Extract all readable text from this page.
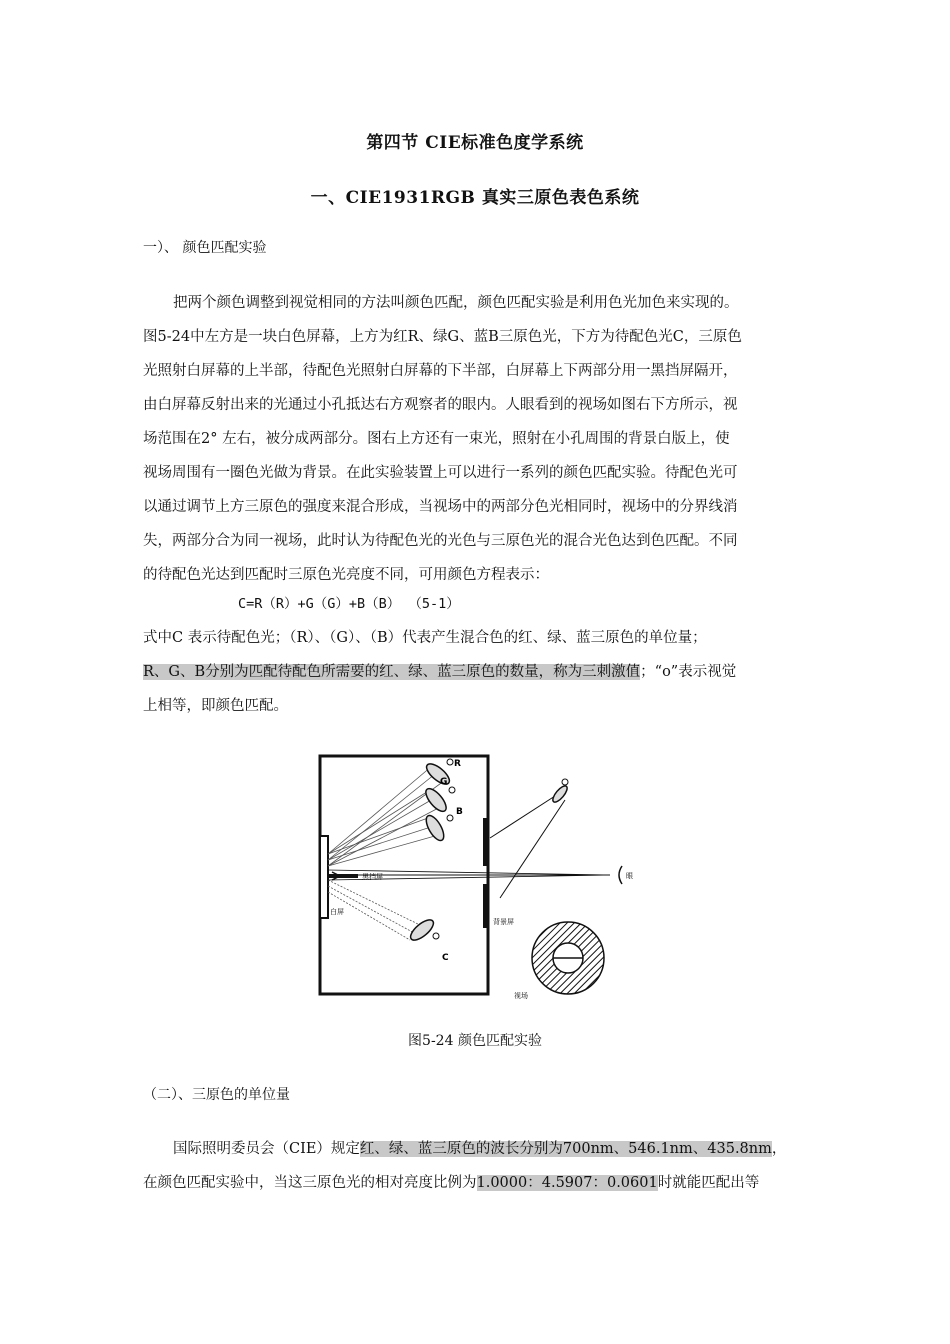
第四节 CIE标准色度学系统
一、CIE1931RGB 真实三原色表色系统
一）、 颜色匹配实验
把两个颜色调整到视觉相同的方法叫颜色匹配，颜色匹配实验是利用色光加色来实现的。
图5-24中左方是一块白色屏幕，上方为红R、绿G、蓝B三原色光，下方为待配色光C，三原色
光照射白屏幕的上半部，待配色光照射白屏幕的下半部，白屏幕上下两部分用一黑挡屏隔开，
由白屏幕反射出来的光通过小孔抵达右方观察者的眼内。人眼看到的视场如图右下方所示，视
场范围在2° 左右，被分成两部分。图右上方还有一束光，照射在小孔周围的背景白版上，使
视场周围有一圈色光做为背景。在此实验装置上可以进行一系列的颜色匹配实验。待配色光可
以通过调节上方三原色的强度来混合形成，当视场中的两部分色光相同时，视场中的分界线消
失，两部分合为同一视场，此时认为待配色光的光色与三原色光的混合光色达到色匹配。不同
的待配色光达到匹配时三原色光亮度不同，可用颜色方程表示：
C=R（R）+G（G）+B（B） （5-1）
式中C 表示待配色光；（R）、（G）、（B）代表产生混合色的红、绿、蓝三原色的单位量；
R、G、B分别为匹配待配色所需要的红、绿、蓝三原色的数量，称为三刺激值；“ο”表示视觉
上相等，即颜色匹配。
R
G
B
C
眼
黑挡屏
白屏
背景屏
视场
图5-24 颜色匹配实验
（二）、三原色的单位量
国际照明委员会（CIE）规定红、绿、蓝三原色的波长分别为700nm、546.1nm、435.8nm，
在颜色匹配实验中，当这三原色光的相对亮度比例为1.0000：4.5907：0.0601时就能匹配出等
